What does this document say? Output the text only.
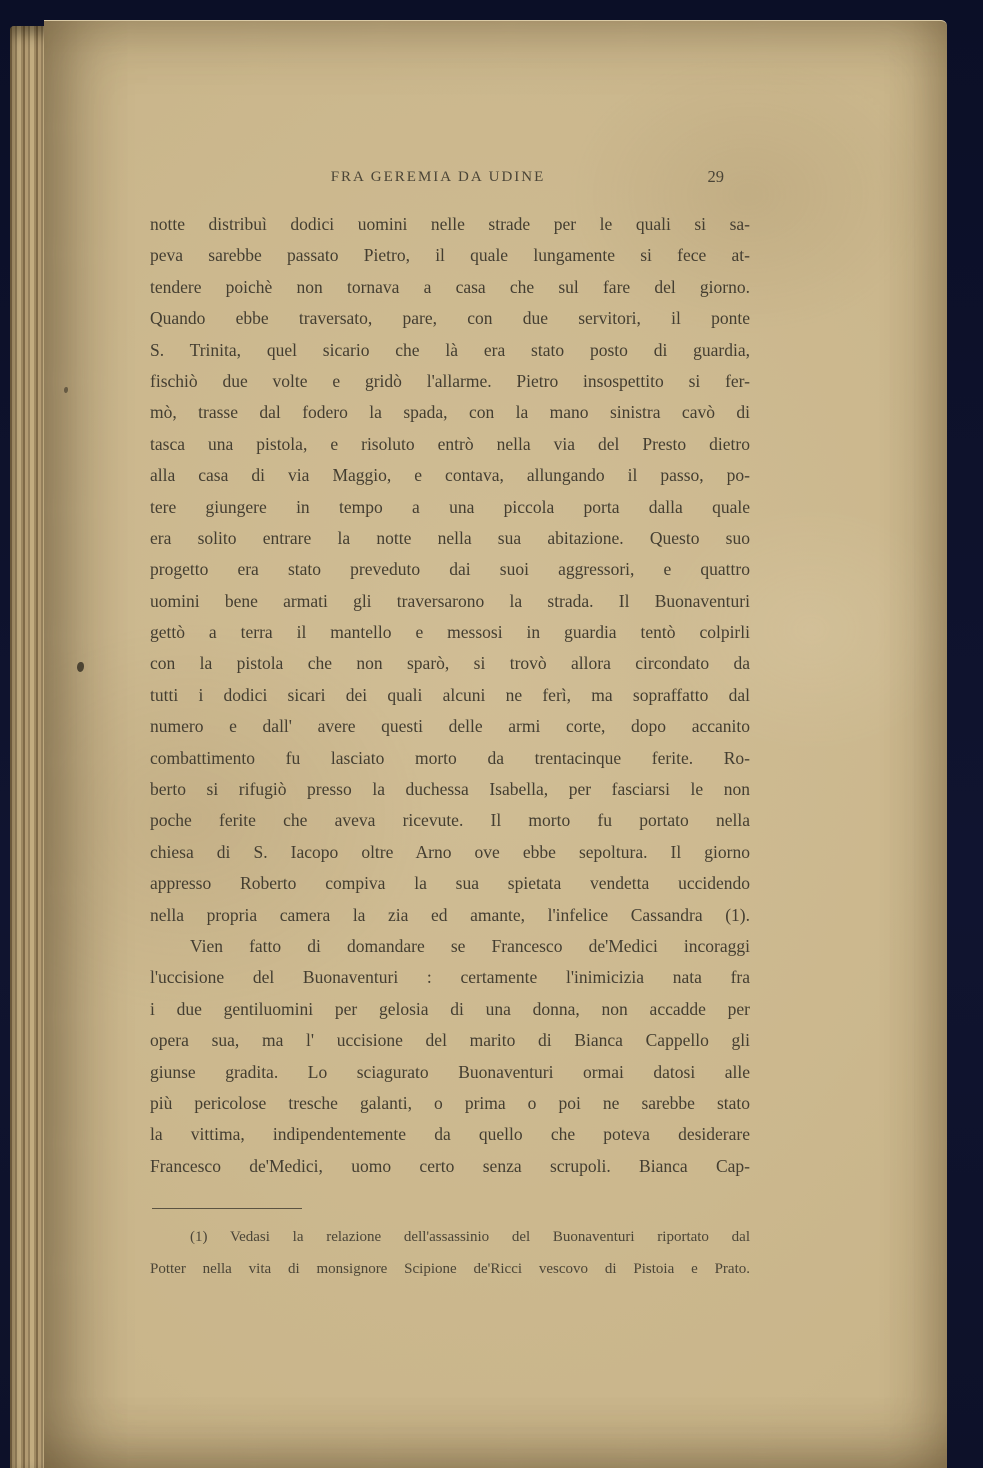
FRA GEREMIA DA UDINE	29
notte distribuì dodici uomini nelle strade per le quali si sa-
peva sarebbe passato Pietro, il quale lungamente si fece at-
tendere poichè non tornava a casa che sul fare del giorno.
Quando ebbe traversato, pare, con due servitori, il ponte
S. Trinita, quel sicario che là era stato posto di guardia,
fischiò due volte e gridò l'allarme. Pietro insospettito si fer-
mò, trasse dal fodero la spada, con la mano sinistra cavò di
tasca una pistola, e risoluto entrò nella via del Presto dietro
alla casa di via Maggio, e contava, allungando il passo, po-
tere giungere in tempo a una piccola porta dalla quale
era solito entrare la notte nella sua abitazione. Questo suo
progetto era stato preveduto dai suoi aggressori, e quattro
uomini bene armati gli traversarono la strada. Il Buonaventuri
gettò a terra il mantello e messosi in guardia tentò colpirli
con la pistola che non sparò, si trovò allora circondato da
tutti i dodici sicari dei quali alcuni ne ferì, ma sopraffatto dal
numero e dall' avere questi delle armi corte, dopo accanito
combattimento fu lasciato morto da trentacinque ferite. Ro-
berto si rifugiò presso la duchessa Isabella, per fasciarsi le non
poche ferite che aveva ricevute. Il morto fu portato nella
chiesa di S. Iacopo oltre Arno ove ebbe sepoltura. Il giorno
appresso Roberto compiva la sua spietata vendetta uccidendo
nella propria camera la zia ed amante, l'infelice Cassandra (1).
Vien fatto di domandare se Francesco de'Medici incoraggi
l'uccisione del Buonaventuri : certamente l'inimicizia nata fra
i due gentiluomini per gelosia di una donna, non accadde per
opera sua, ma l' uccisione del marito di Bianca Cappello gli
giunse gradita. Lo sciagurato Buonaventuri ormai datosi alle
più pericolose tresche galanti, o prima o poi ne sarebbe stato
la vittima, indipendentemente da quello che poteva desiderare
Francesco de'Medici, uomo certo senza scrupoli. Bianca Cap-
(1) Vedasi la relazione dell'assassinio del Buonaventuri riportato dal
Potter nella vita di monsignore Scipione de'Ricci vescovo di Pistoia e Prato.
